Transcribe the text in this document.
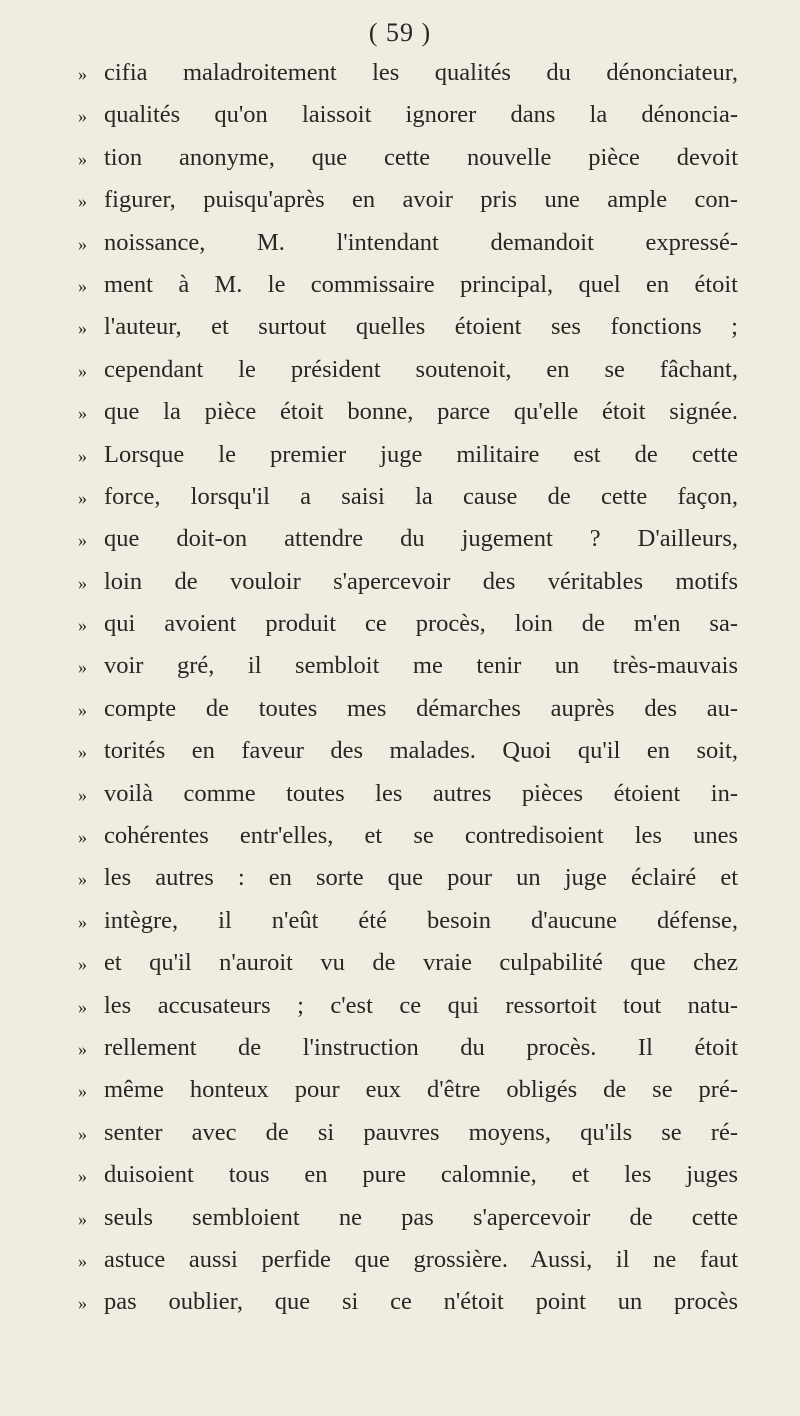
( 59 )
» cifia maladroitement les qualités du dénonciateur,
» qualités qu'on laissoit ignorer dans la dénoncia-
» tion anonyme, que cette nouvelle pièce devoit
» figurer, puisqu'après en avoir pris une ample con-
» noissance, M. l'intendant demandoit expressé-
» ment à M. le commissaire principal, quel en étoit
» l'auteur, et surtout quelles étoient ses fonctions ;
» cependant le président soutenoit, en se fâchant,
» que la pièce étoit bonne, parce qu'elle étoit signée.
» Lorsque le premier juge militaire est de cette
» force, lorsqu'il a saisi la cause de cette façon,
» que doit-on attendre du jugement ? D'ailleurs,
» loin de vouloir s'apercevoir des véritables motifs
» qui avoient produit ce procès, loin de m'en sa-
» voir gré, il sembloit me tenir un très-mauvais
» compte de toutes mes démarches auprès des au-
» torités en faveur des malades. Quoi qu'il en soit,
» voilà comme toutes les autres pièces étoient in-
» cohérentes entr'elles, et se contredisoient les unes
» les autres : en sorte que pour un juge éclairé et
» intègre, il n'eût été besoin d'aucune défense,
» et qu'il n'auroit vu de vraie culpabilité que chez
» les accusateurs ; c'est ce qui ressortoit tout natu-
» rellement de l'instruction du procès. Il étoit
» même honteux pour eux d'être obligés de se pré-
» senter avec de si pauvres moyens, qu'ils se ré-
» duisoient tous en pure calomnie, et les juges
» seuls sembloient ne pas s'apercevoir de cette
» astuce aussi perfide que grossière. Aussi, il ne faut
» pas oublier, que si ce n'étoit point un procès
